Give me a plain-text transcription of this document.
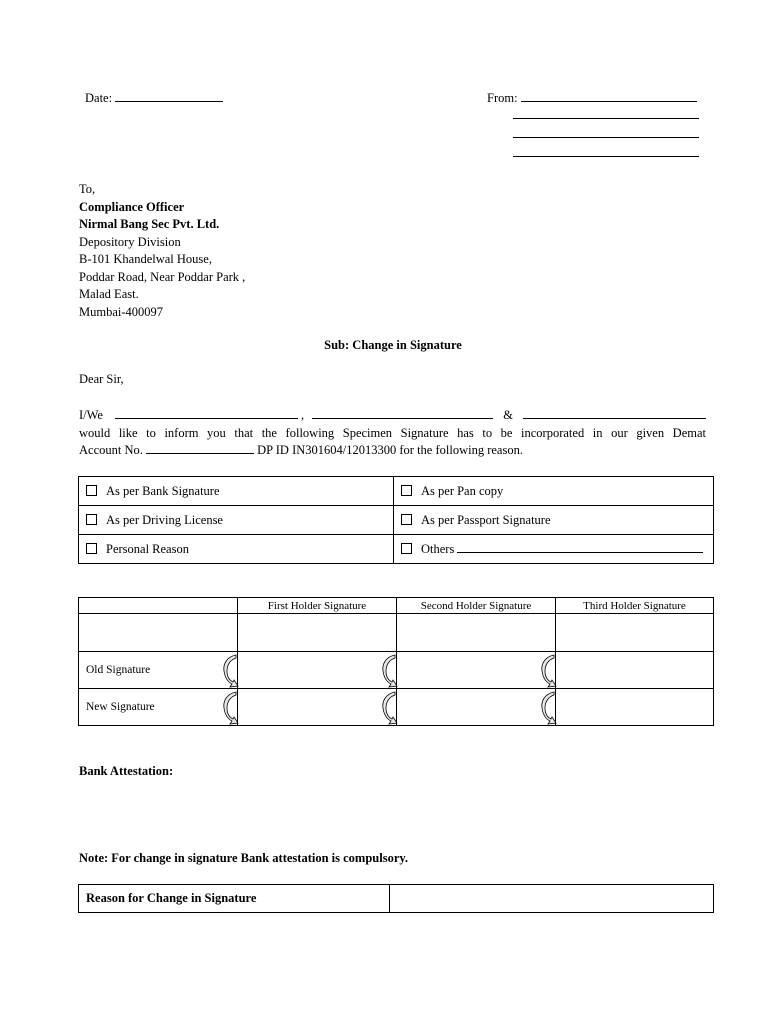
Date:	From:
To,
Compliance Officer
Nirmal Bang Sec Pvt. Ltd.
Depository Division
B-101 Khandelwal House,
Poddar Road, Near Poddar Park ,
Malad East.
Mumbai-400097
Sub: Change in Signature
Dear Sir,
I/We	,	&
would like to inform you that the following Specimen Signature has to be incorporated in our given Demat
Account No.	DP ID IN301604/12013300 for the following reason.
As per Bank Signature	As per Pan copy
As per Driving License	As per Passport Signature
Personal Reason	Others
	First Holder Signature	Second Holder Signature	Third Holder Signature

Old Signature

New Signature

Bank Attestation:
Note: For change in signature Bank attestation is compulsory.
Reason for Change in Signature	
